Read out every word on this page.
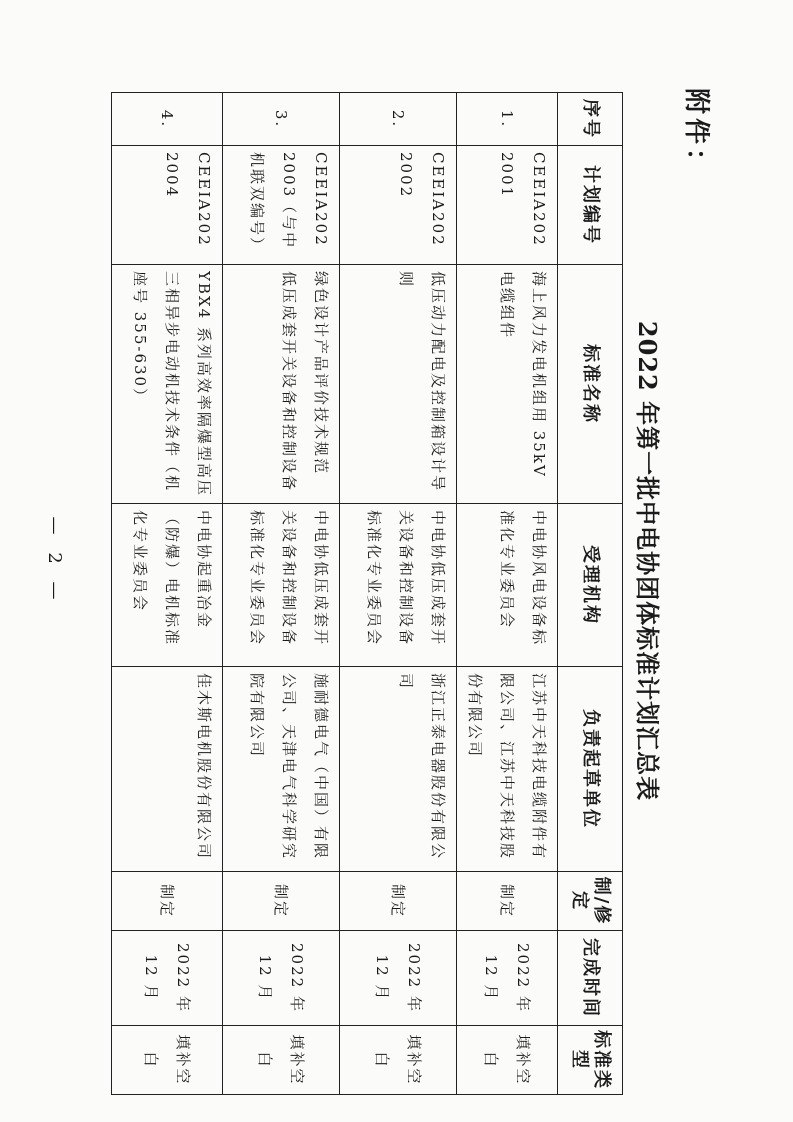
附件：
2022 年第一批中电协团体标准计划汇总表
序号	计划编号	标准名称	受理机构	负责起草单位	制/修定	完成时间	标准类型
1.	CEEIA2022001	海上风力发电机组用 35kV 电缆组件	中电协风电设备标准化专业委员会	江苏中天科技电缆附件有限公司、江苏中天科技股份有限公司	制定	2022 年 12 月	填补空白
2.	CEEIA2022002	低压动力配电及控制箱设计导则	中电协低压成套开关设备和控制设备标准化专业委员会	浙江正泰电器股份有限公司	制定	2022 年 12 月	填补空白
3.	CEEIA2022003（与中机联双编号）	绿色设计产品评价技术规范 低压成套开关设备和控制设备	中电协低压成套开关设备和控制设备标准化专业委员会	施耐德电气（中国）有限公司、天津电气科学研究院有限公司	制定	2022 年 12 月	填补空白
4.	CEEIA2022004	YBX4 系列高效率隔爆型高压三相异步电动机技术条件（机座号 355-630）	中电协起重冶金（防爆）电机标准化专业委员会	佳木斯电机股份有限公司	制定	2022 年 12 月	填补空白
— 2 —
